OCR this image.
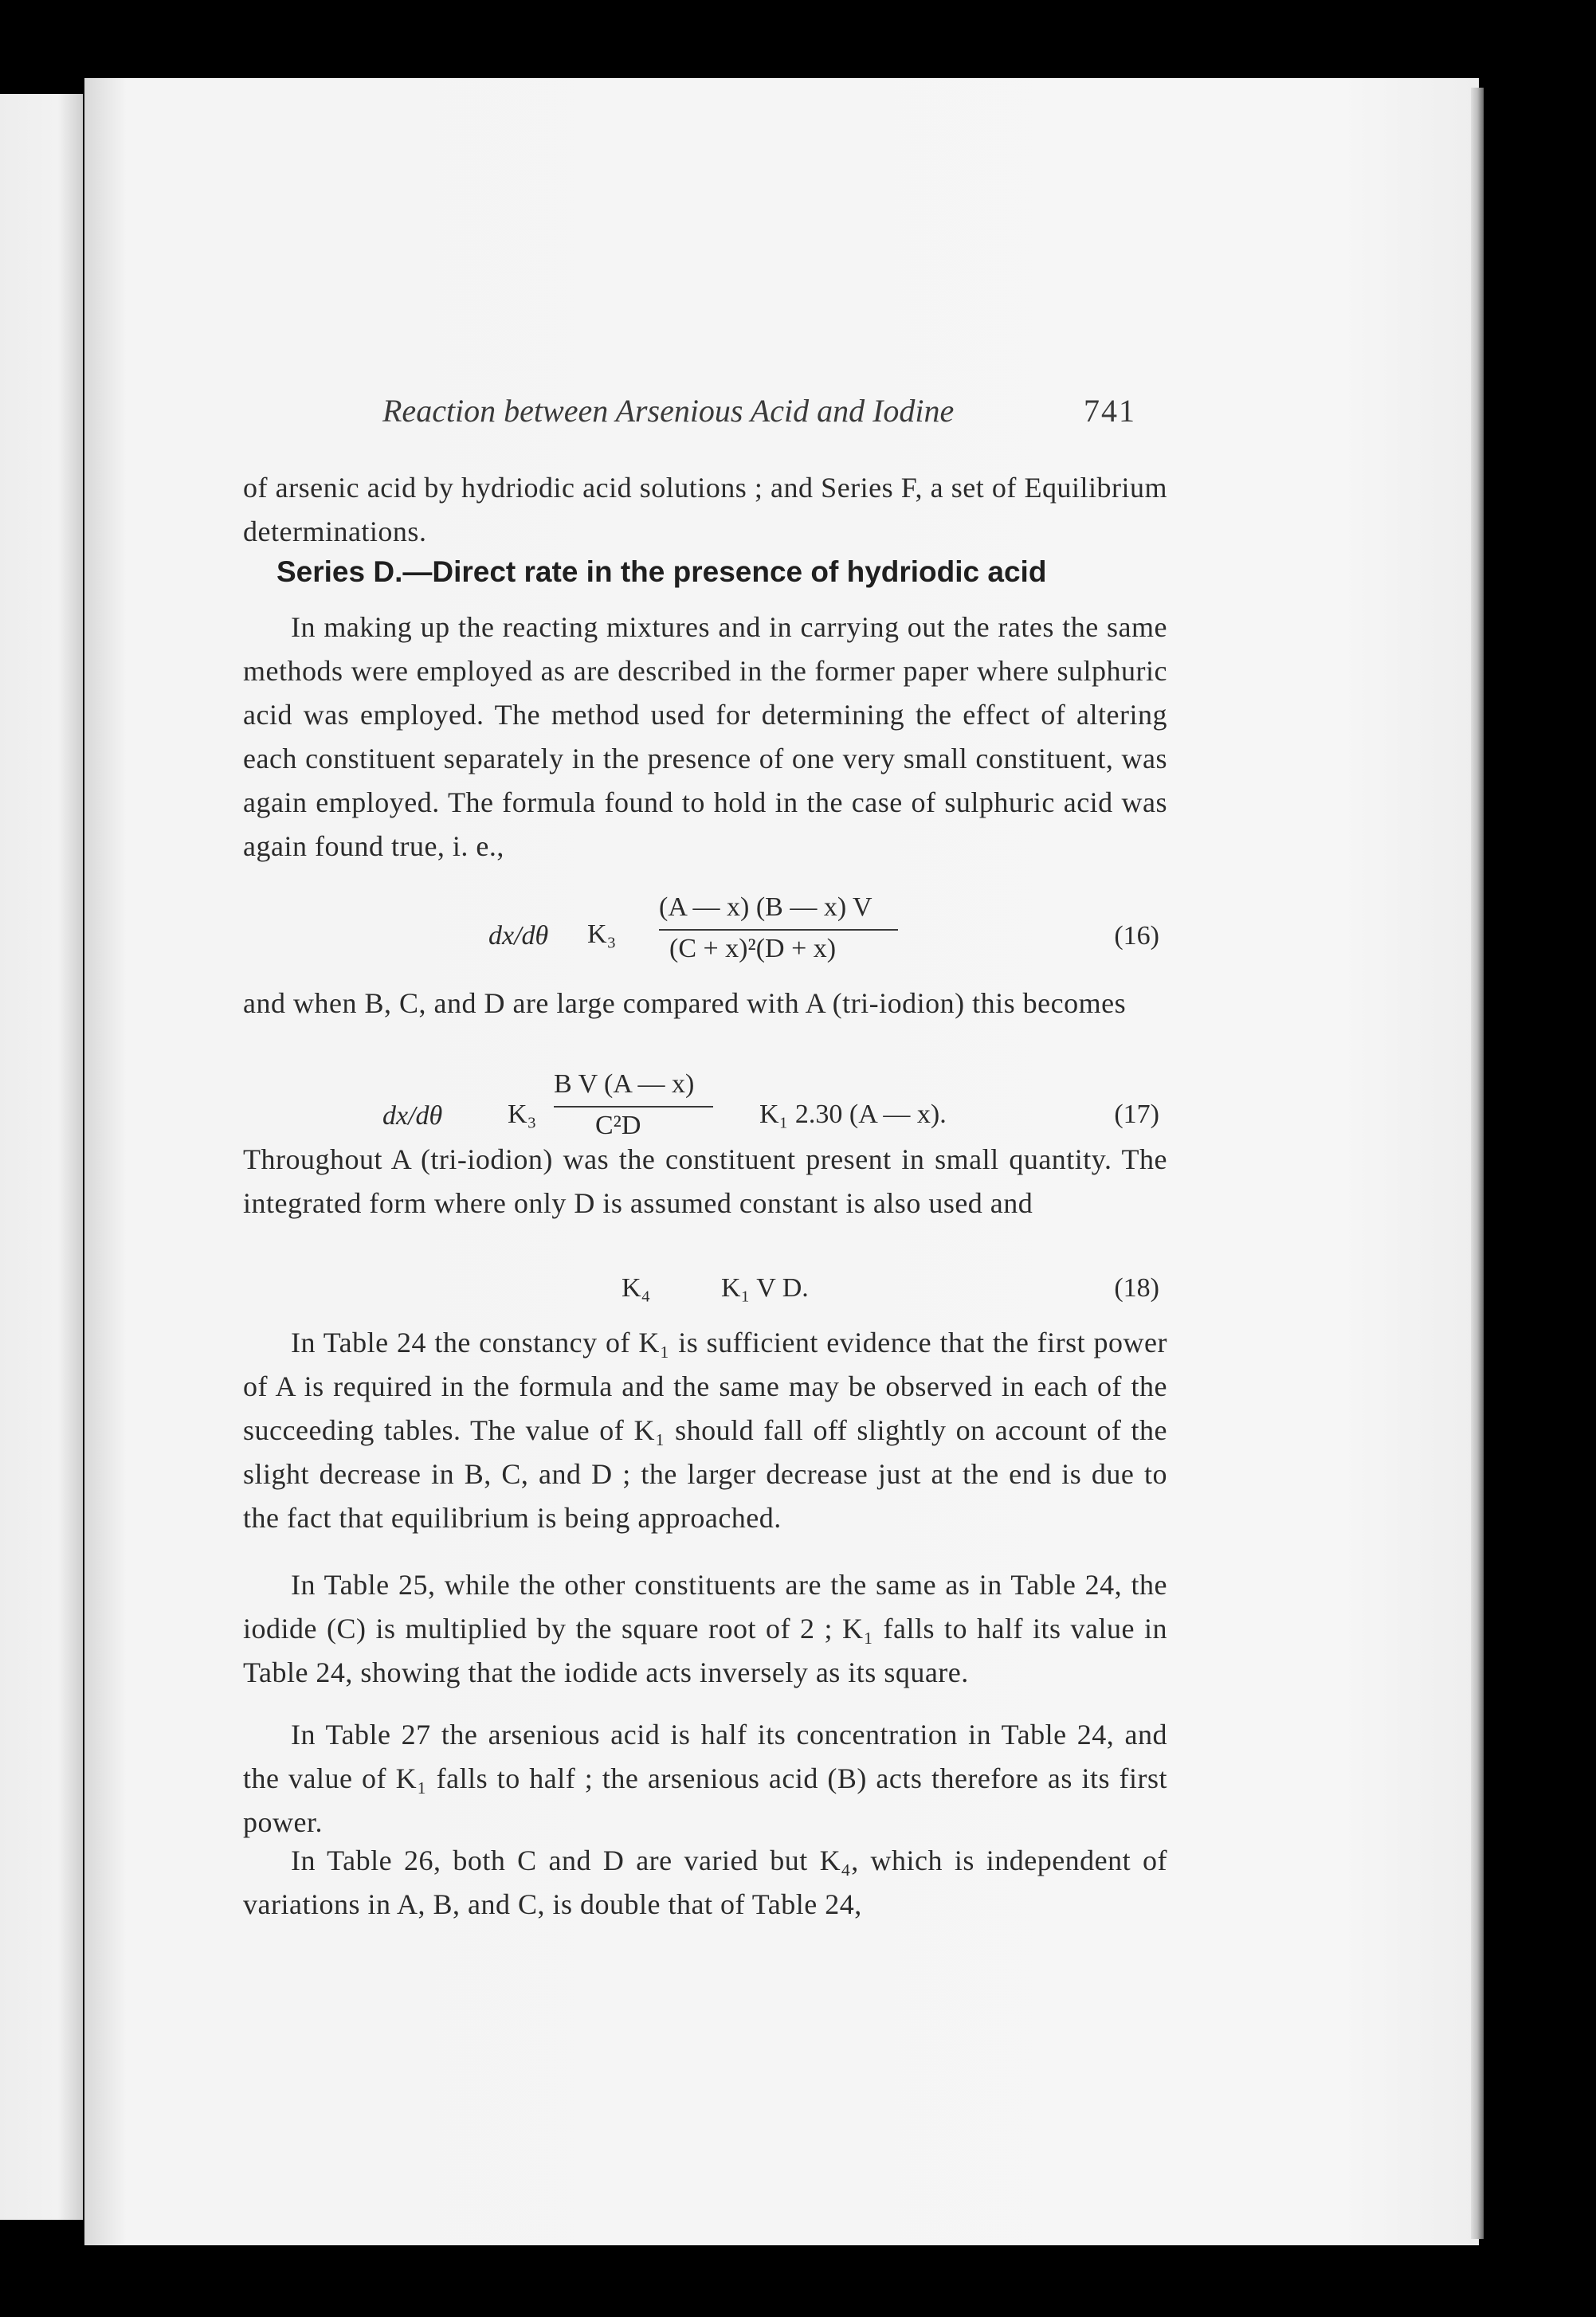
Reaction between Arsenious Acid and Iodine	741
of arsenic acid by hydriodic acid solutions ; and Series F, a set of Equilibrium determinations.
Series D.—Direct rate in the presence of hydriodic acid
In making up the reacting mixtures and in carrying out the rates the same methods were employed as are described in the former paper where sulphuric acid was employed. The method used for determining the effect of altering each constituent separately in the presence of one very small constituent, was again employed. The formula found to hold in the case of sulphuric acid was again found true, i. e.,
dx/dθ K₃
(A — x) (B — x) V
(C + x)²(D + x)	(16)
and when B, C, and D are large compared with A (tri-iodion) this becomes
dx/dθ K₃
B V (A — x)
C²D	K₁ 2.30 (A — x).	(17)
Throughout A (tri-iodion) was the constituent present in small quantity. The integrated form where only D is assumed constant is also used and
K₄	K₁ V D.	(18)
In Table 24 the constancy of K₁ is sufficient evidence that the first power of A is required in the formula and the same may be observed in each of the succeeding tables. The value of K₁ should fall off slightly on account of the slight decrease in B, C, and D ; the larger decrease just at the end is due to the fact that equilibrium is being approached.
In Table 25, while the other constituents are the same as in Table 24, the iodide (C) is multiplied by the square root of 2 ; K₁ falls to half its value in Table 24, showing that the iodide acts inversely as its square.
In Table 27 the arsenious acid is half its concentration in Table 24, and the value of K₁ falls to half ; the arsenious acid (B) acts therefore as its first power.
In Table 26, both C and D are varied but K₄, which is independent of variations in A, B, and C, is double that of Table 24,
